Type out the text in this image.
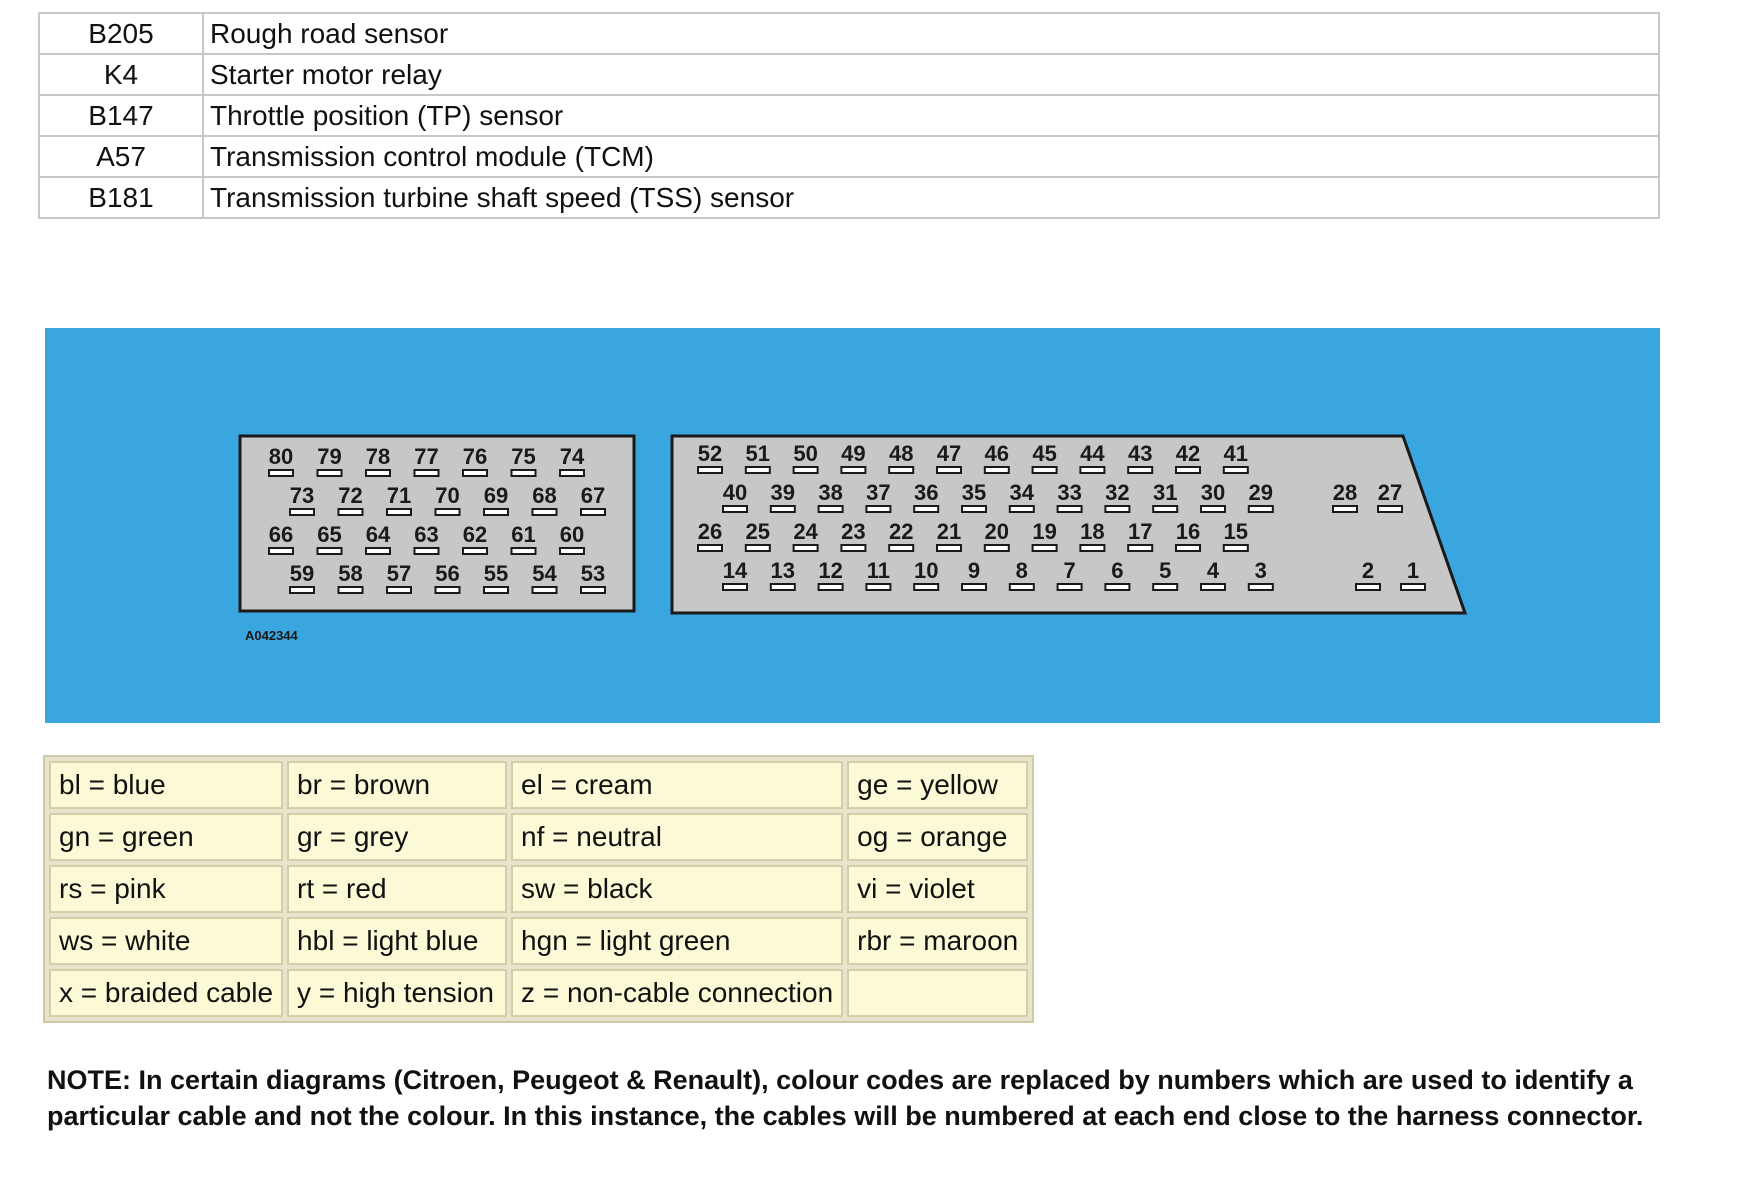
B205	Rough road sensor
K4	Starter motor relay
B147	Throttle position (TP) sensor
A57	Transmission control module (TCM)
B181	Transmission turbine shaft speed (TSS) sensor
80 79 78 77 76 75 74
73 72 71 70 69 68 67
66 65 64 63 62 61 60
59 58 57 56 55 54 53
52 51 50 49 48 47 46 45 44 43 42 41
40 39 38 37 36 35 34 33 32 31 30 29	28 27
26 25 24 23 22 21 20 19 18 17 16 15
14 13 12 11 10 9 8 7 6 5 4 3	2 1
A042344
bl = blue	br = brown	el = cream	ge = yellow
gn = green	gr = grey	nf = neutral	og = orange
rs = pink	rt = red	sw = black	vi = violet
ws = white	hbl = light blue	hgn = light green	rbr = maroon
x = braided cable	y = high tension	z = non-cable connection	
NOTE: In certain diagrams (Citroen, Peugeot & Renault), colour codes are replaced by numbers which are used to identify a particular cable and not the colour. In this instance, the cables will be numbered at each end close to the harness connector.
